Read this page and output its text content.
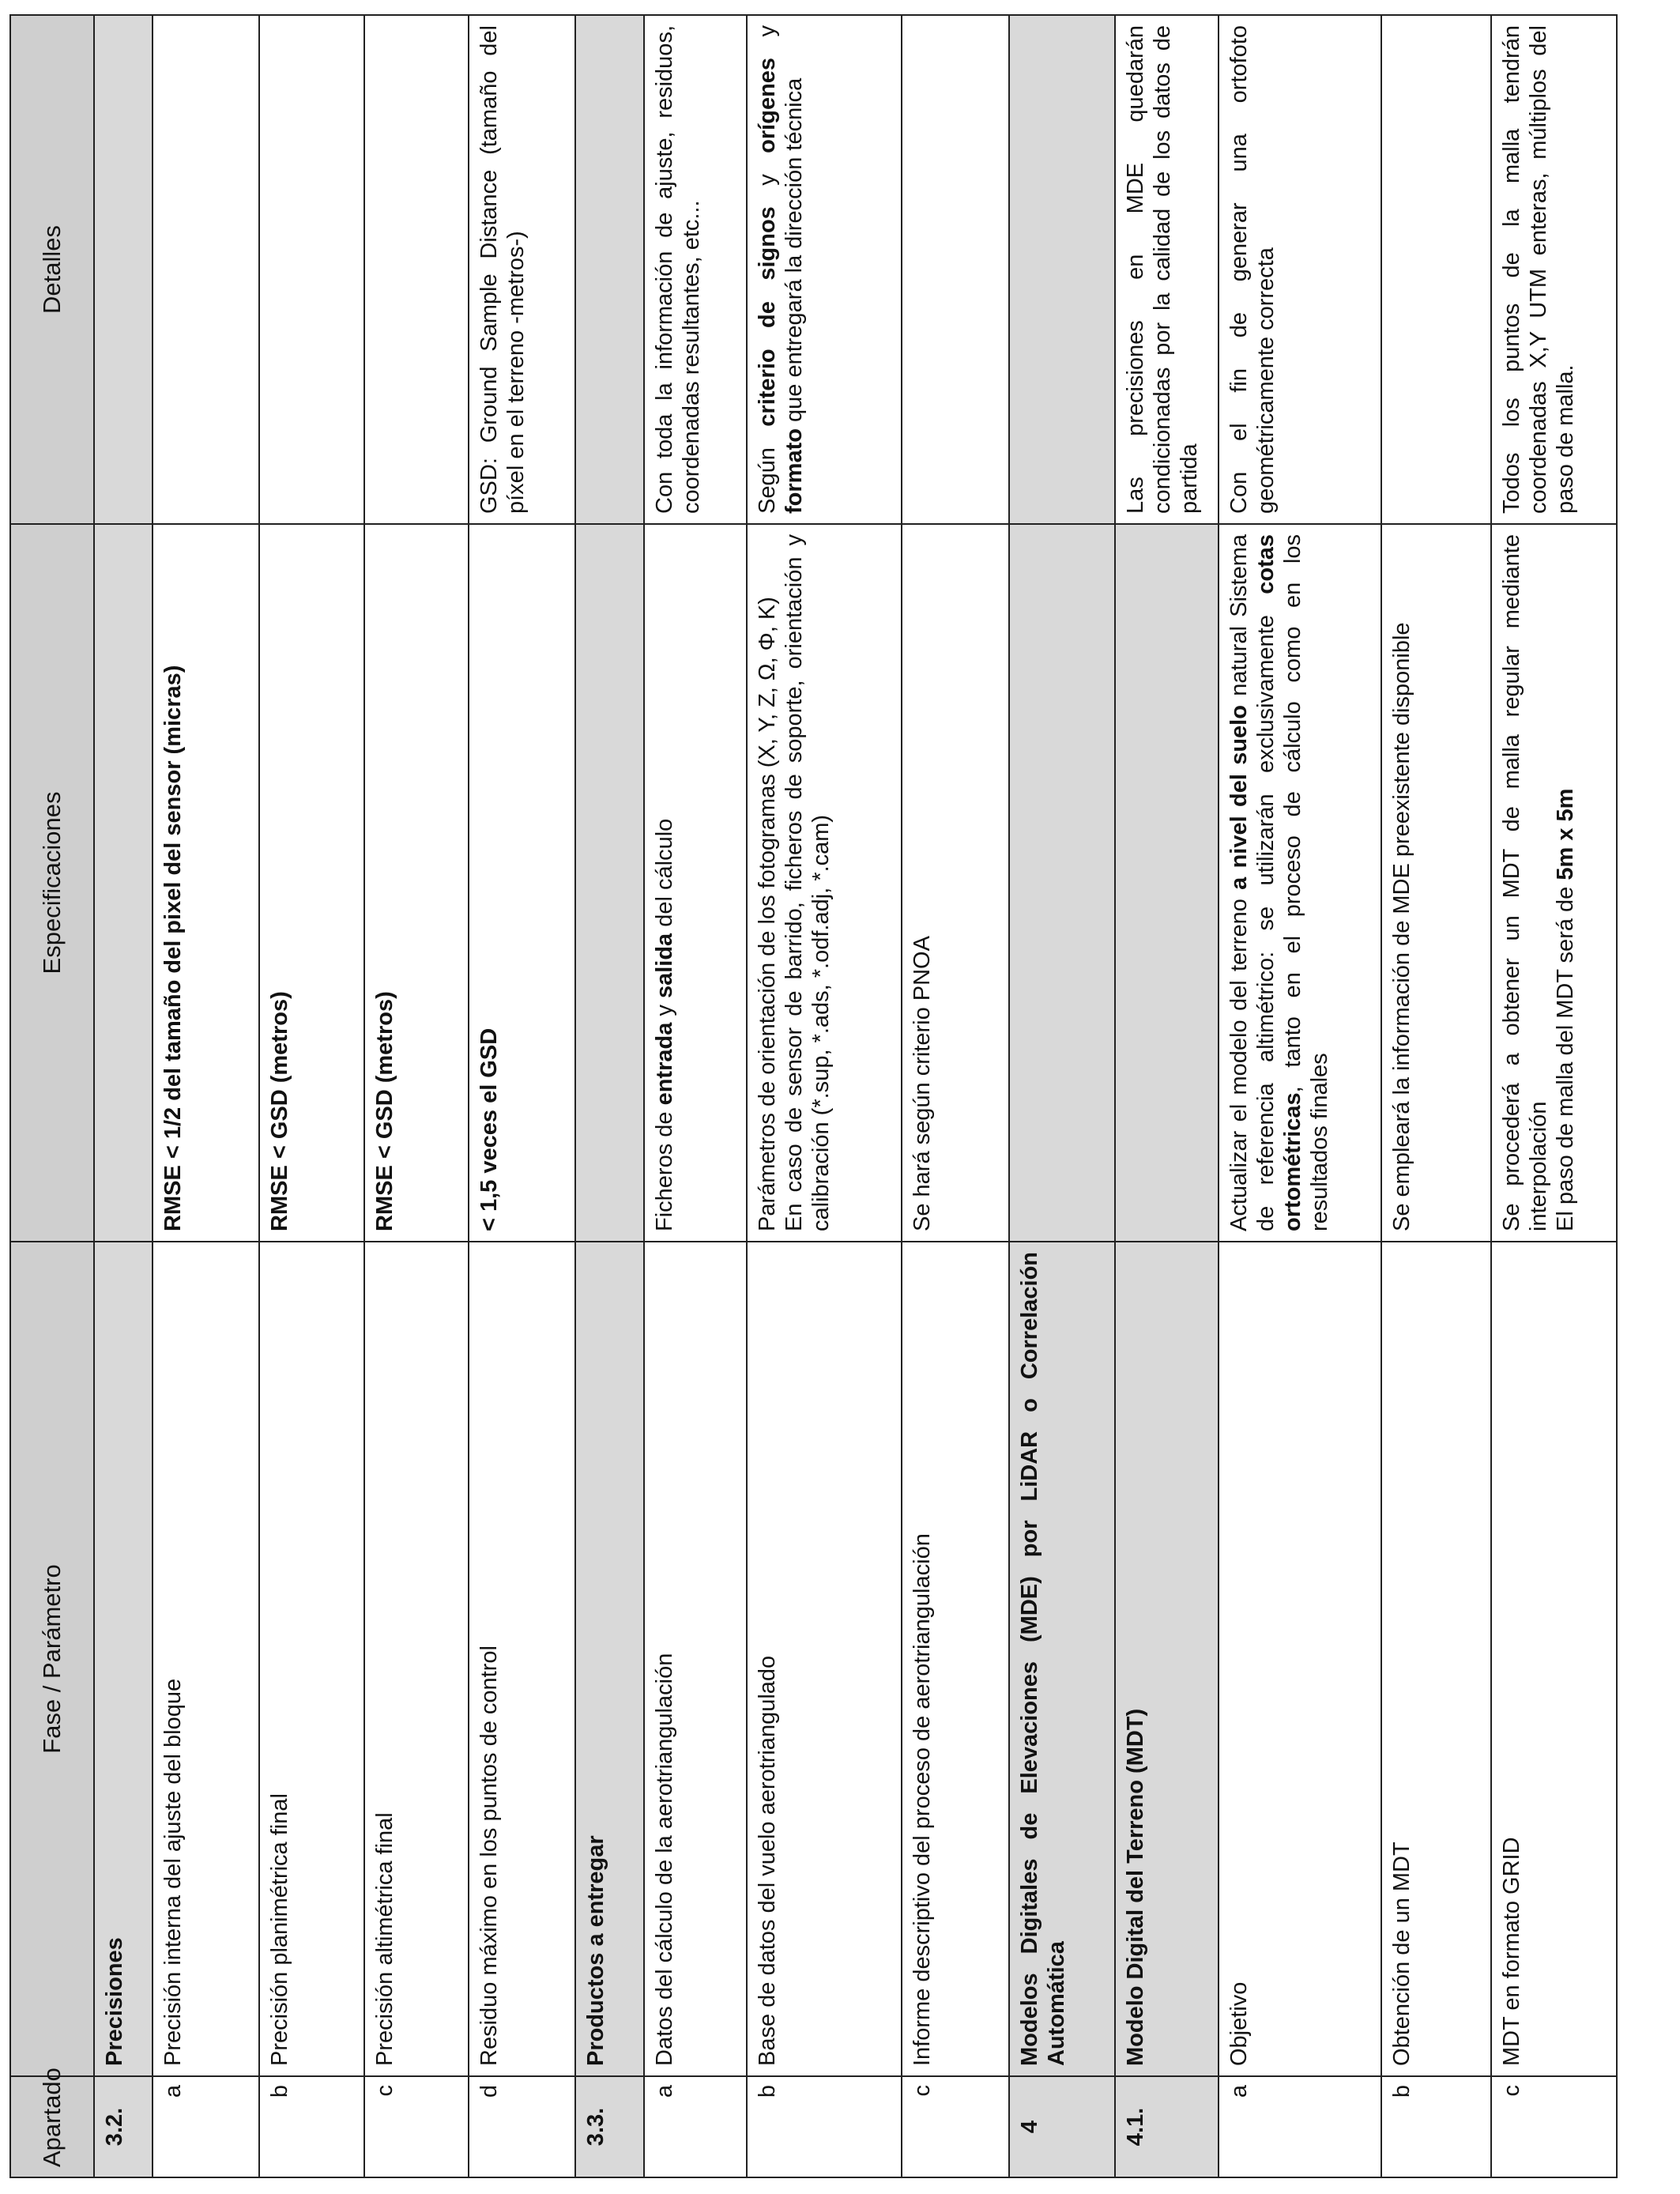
Apartado	Fase / Parámetro	Especificaciones	Detalles
3.2.	Precisiones		
a	Precisión interna del ajuste del bloque	RMSE < 1/2 del tamaño del pixel del sensor (micras)	
b	Precisión planimétrica final	RMSE < GSD (metros)	
c	Precisión altimétrica final	RMSE < GSD (metros)	
d	Residuo máximo en los puntos de control	< 1,5 veces el GSD	GSD: Ground Sample Distance (tamaño del píxel en el terreno -metros-)
3.3.	Productos a entregar		
a	Datos del cálculo de la aerotriangulación	Ficheros de entrada y salida del cálculo	Con toda la información de ajuste, residuos, coordenadas resultantes, etc...
b	Base de datos del vuelo aerotriangulado	Parámetros de orientación de los fotogramas (X, Y, Z, Ω, Φ, Κ) En caso de sensor de barrido, ficheros de soporte, orientación y calibración (*.sup, *.ads, *.odf.adj, *.cam)	Según criterio de signos y orígenes y formato que entregará la dirección técnica
c	Informe descriptivo del proceso de aerotriangulación	Se hará según criterio PNOA	
4	Modelos Digitales de Elevaciones (MDE) por LiDAR o Correlación Automática		
4.1.	Modelo Digital del Terreno (MDT)		Las precisiones en MDE quedarán condicionadas por la calidad de los datos de partida
a	Objetivo	Actualizar el modelo del terreno a nivel del suelo natural Sistema de referencia altimétrico: se utilizarán exclusivamente cotas ortométricas, tanto en el proceso de cálculo como en los resultados finales	Con el fin de generar una ortofoto geométricamente correcta
b	Obtención de un MDT	Se empleará la información de MDE preexistente disponible	
c	MDT en formato GRID	Se procederá a obtener un MDT de malla regular mediante interpolación El paso de malla del MDT será de 5m x 5m	Todos los puntos de la malla tendrán coordenadas X,Y UTM enteras, múltiplos del paso de malla.
